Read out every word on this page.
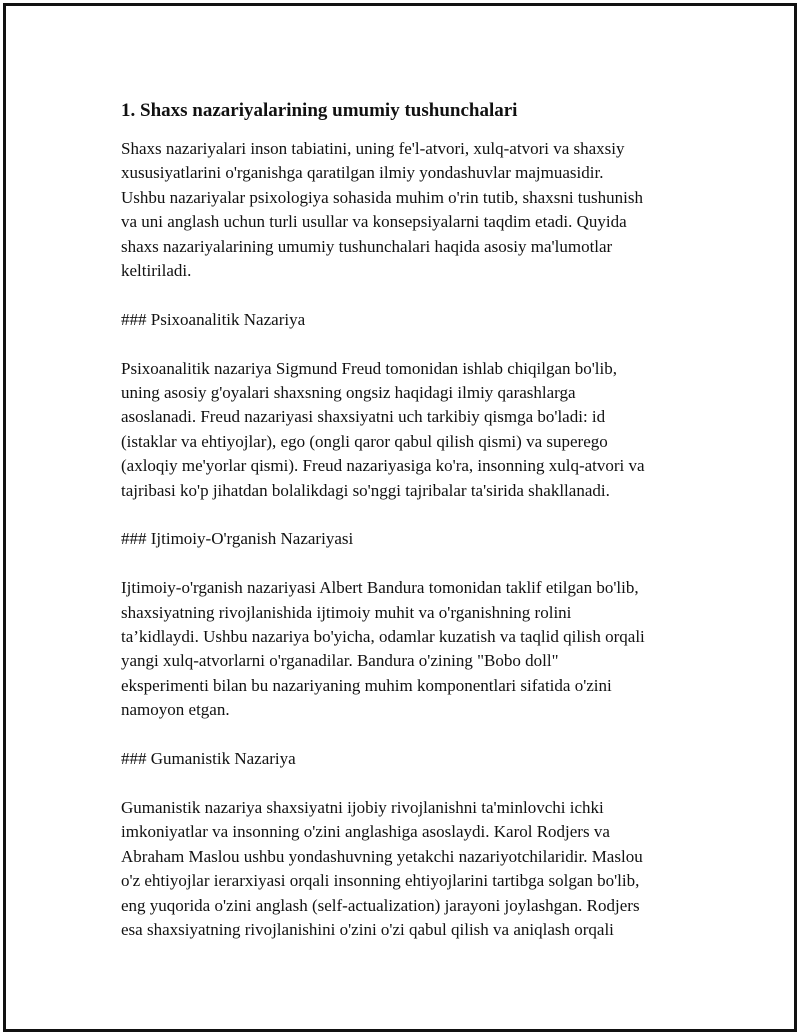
1. Shaxs nazariyalarining umumiy tushunchalari

Shaxs nazariyalari inson tabiatini, uning fe'l-atvori, xulq-atvori va shaxsiy
xususiyatlarini o'rganishga qaratilgan ilmiy yondashuvlar majmuasidir.
Ushbu nazariyalar psixologiya sohasida muhim o'rin tutib, shaxsni tushunish
va uni anglash uchun turli usullar va konsepsiyalarni taqdim etadi. Quyida
shaxs nazariyalarining umumiy tushunchalari haqida asosiy ma'lumotlar
keltiriladi.

### Psixoanalitik Nazariya

Psixoanalitik nazariya Sigmund Freud tomonidan ishlab chiqilgan bo'lib,
uning asosiy g'oyalari shaxsning ongsiz haqidagi ilmiy qarashlarga
asoslanadi. Freud nazariyasi shaxsiyatni uch tarkibiy qismga bo'ladi: id
(istaklar va ehtiyojlar), ego (ongli qaror qabul qilish qismi) va superego
(axloqiy me'yorlar qismi). Freud nazariyasiga ko'ra, insonning xulq-atvori va
tajribasi ko'p jihatdan bolalikdagi so'nggi tajribalar ta'sirida shakllanadi.

### Ijtimoiy-O'rganish Nazariyasi

Ijtimoiy-o'rganish nazariyasi Albert Bandura tomonidan taklif etilgan bo'lib,
shaxsiyatning rivojlanishida ijtimoiy muhit va o'rganishning rolini
ta’kidlaydi. Ushbu nazariya bo'yicha, odamlar kuzatish va taqlid qilish orqali
yangi xulq-atvorlarni o'rganadilar. Bandura o'zining "Bobo doll"
eksperimenti bilan bu nazariyaning muhim komponentlari sifatida o'zini
namoyon etgan.

### Gumanistik Nazariya

Gumanistik nazariya shaxsiyatni ijobiy rivojlanishni ta'minlovchi ichki
imkoniyatlar va insonning o'zini anglashiga asoslaydi. Karol Rodjers va
Abraham Maslou ushbu yondashuvning yetakchi nazariyotchilaridir. Maslou
o'z ehtiyojlar ierarxiyasi orqali insonning ehtiyojlarini tartibga solgan bo'lib,
eng yuqorida o'zini anglash (self-actualization) jarayoni joylashgan. Rodjers
esa shaxsiyatning rivojlanishini o'zini o'zi qabul qilish va aniqlash orqali
